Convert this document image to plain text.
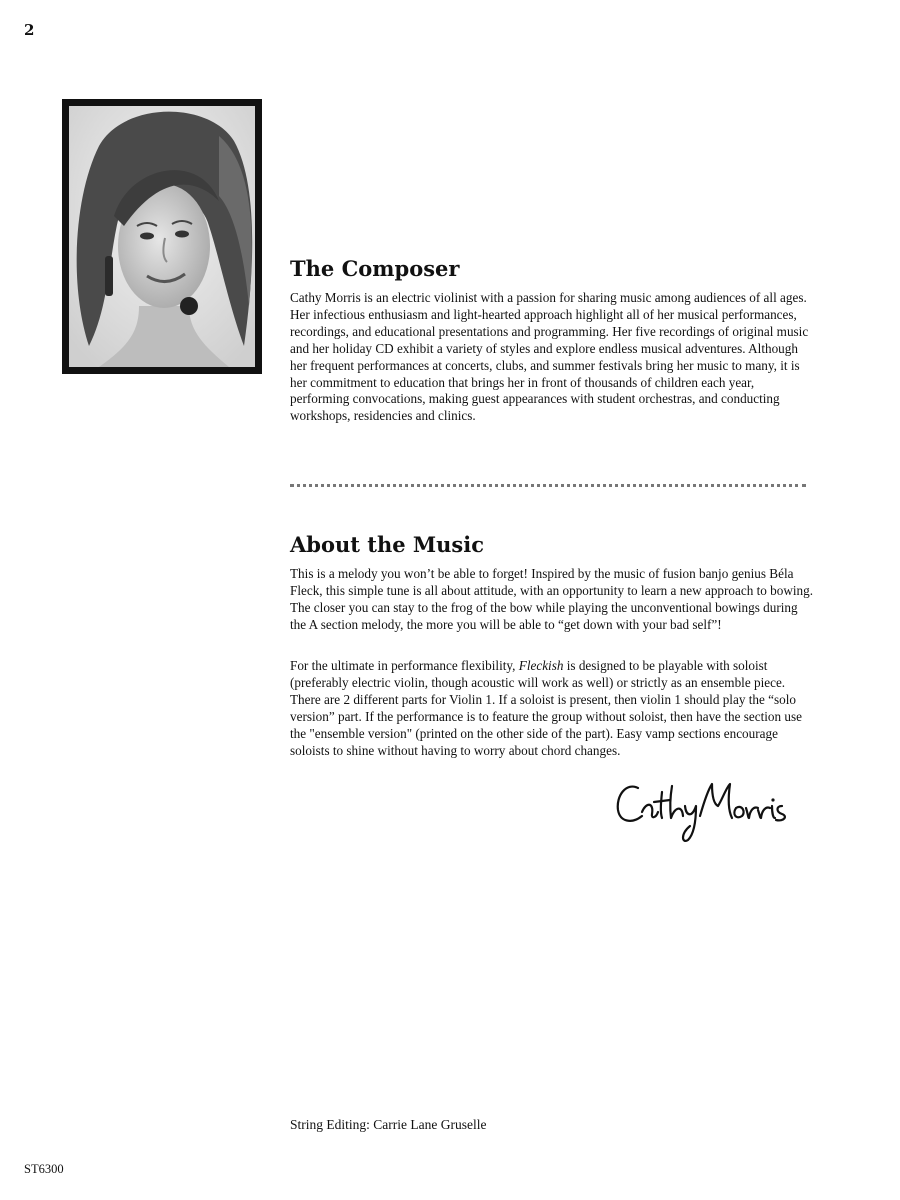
2
The Composer

Cathy Morris is an electric violinist with a passion for sharing music among audiences of all ages. Her infectious enthusiasm and light-hearted approach highlight all of her musical performances, recordings, and educational presentations and programming. Her five recordings of original music and her holiday CD exhibit a variety of styles and explore endless musical adventures. Although her frequent performances at concerts, clubs, and summer festivals bring her music to many, it is her commitment to education that brings her in front of thousands of children each year, performing convocations, making guest appearances with student orchestras, and conducting workshops, residencies and clinics.

About the Music

This is a melody you won’t be able to forget! Inspired by the music of fusion banjo genius Béla Fleck, this simple tune is all about attitude, with an opportunity to learn a new approach to bowing. The closer you can stay to the frog of the bow while playing the unconventional bowings during the A section melody, the more you will be able to “get down with your bad self”!

For the ultimate in performance flexibility, Fleckish is designed to be playable with soloist (preferably electric violin, though acoustic will work as well) or strictly as an ensemble piece. There are 2 different parts for Violin 1. If a soloist is present, then violin 1 should play the “solo version” part. If the performance is to feature the group without soloist, then have the section use the "ensemble version" (printed on the other side of the part). Easy vamp sections encourage soloists to shine without having to worry about chord changes.

String Editing: Carrie Lane Gruselle
ST6300
